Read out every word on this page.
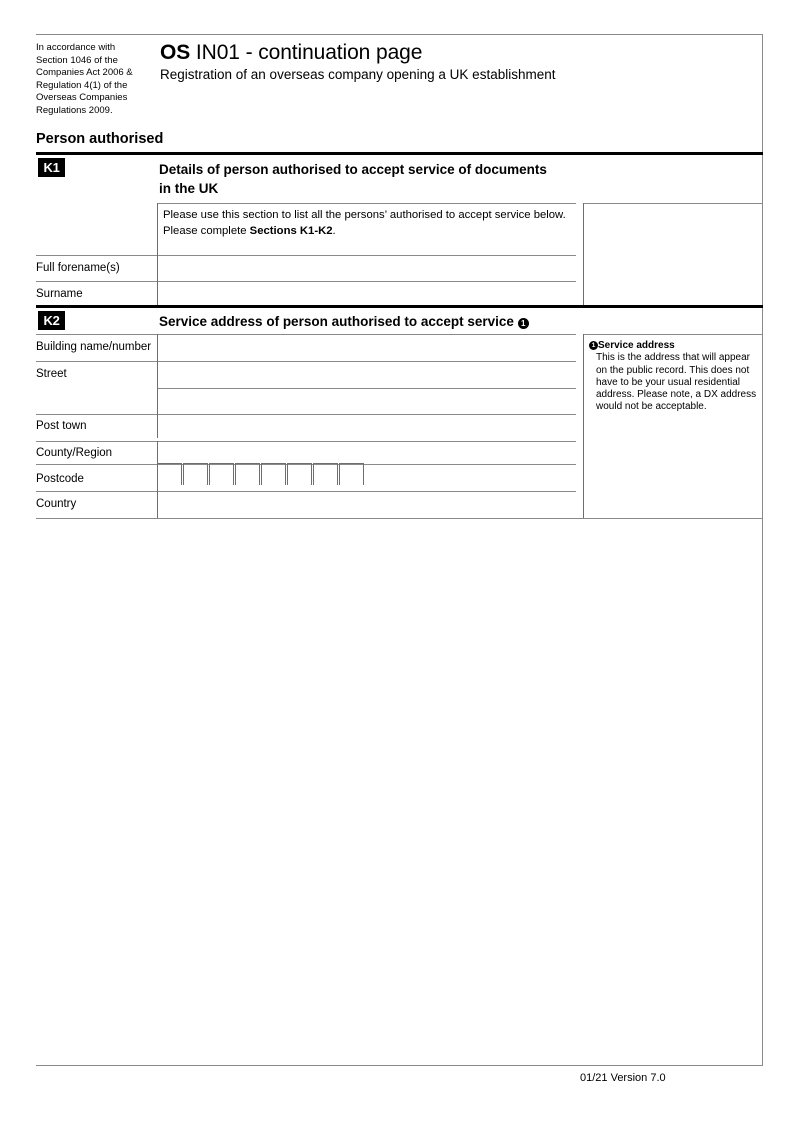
In accordance with Section 1046 of the Companies Act 2006 & Regulation 4(1) of the Overseas Companies Regulations 2009.
OS IN01 - continuation page
Registration of an overseas company opening a UK establishment
Person authorised
K1	Details of person authorised to accept service of documents
in the UK
Please use this section to list all the persons’ authorised to accept service below. Please complete Sections K1-K2.
Full forename(s)
Surname
K2	Service address of person authorised to accept service 1
1 Service address
This is the address that will appear on the public record. This does not have to be your usual residential address. Please note, a DX address would not be acceptable.
Building name/number
Street
Post town
County/Region
Postcode
Country
01/21 Version 7.0
